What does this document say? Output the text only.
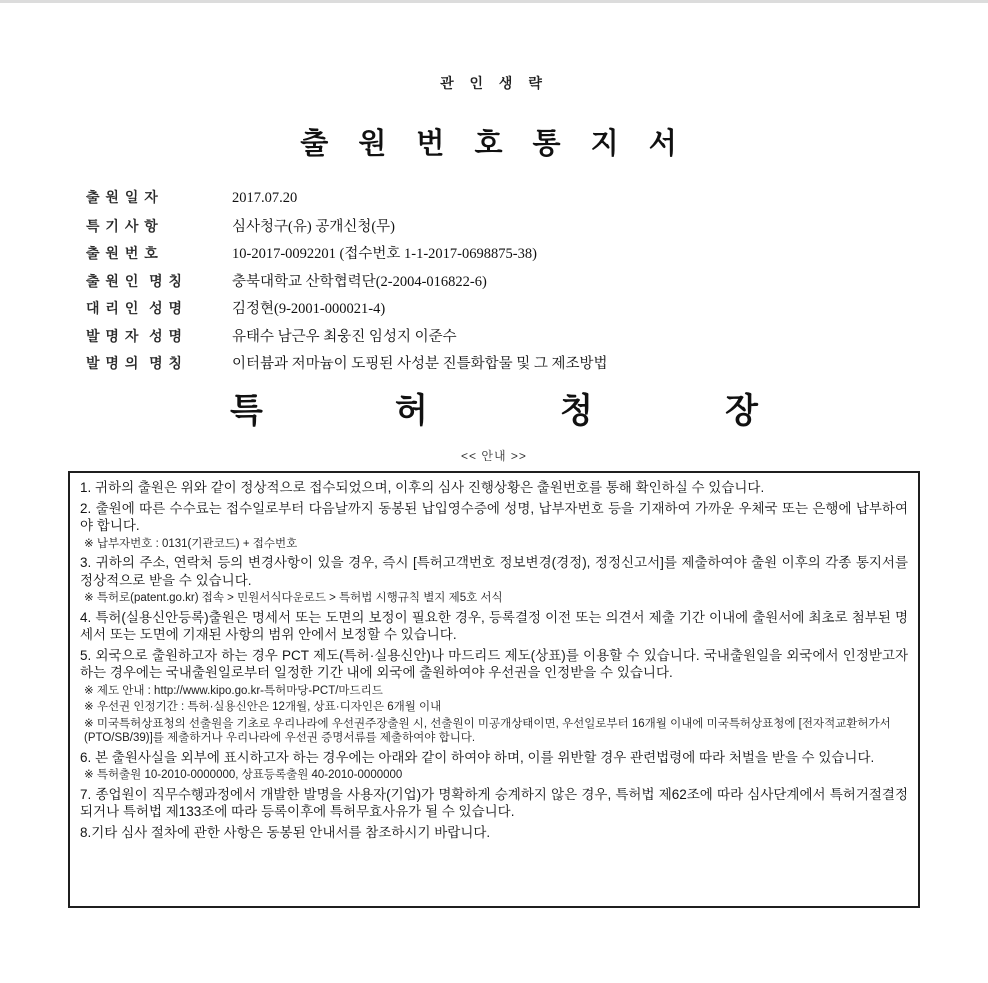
관 인 생 략
출 원 번 호 통 지 서
출 원 일 자	2017.07.20
특 기 사 항	심사청구(유) 공개신청(무)
출 원 번 호	10-2017-0092201 (접수번호 1-1-2017-0698875-38)
출 원 인  명 칭	충북대학교 산학협력단(2-2004-016822-6)
대 리 인  성 명	김정현(9-2001-000021-4)
발 명 자  성 명	유태수 남근우 최웅진 임성지 이준수
발 명 의  명 칭	이터븀과 저마늄이 도핑된 사성분 진틀화합물 및 그 제조방법
특	허	청	장
<< 안내 >>

1. 귀하의 출원은 위와 같이 정상적으로 접수되었으며, 이후의 심사 진행상황은 출원번호를 통해 확인하실 수 있습니다.

2. 출원에 따른 수수료는 접수일로부터 다음날까지 동봉된 납입영수증에 성명, 납부자번호 등을 기재하여 가까운 우체국 또는 은행에 납부하여야 합니다.

※ 납부자번호 : 0131(기관코드) + 접수번호

3. 귀하의 주소, 연락처 등의 변경사항이 있을 경우, 즉시 [특허고객번호 정보변경(경정), 정정신고서]를 제출하여야 출원 이후의 각종 통지서를 정상적으로 받을 수 있습니다.

※ 특허로(patent.go.kr) 접속 > 민원서식다운로드 > 특허법 시행규칙 별지 제5호 서식

4. 특허(실용신안등록)출원은 명세서 또는 도면의 보정이 필요한 경우, 등록결정 이전 또는 의견서 제출 기간 이내에 출원서에 최초로 첨부된 명세서 또는 도면에 기재된 사항의 범위 안에서 보정할 수 있습니다.

5. 외국으로 출원하고자 하는 경우 PCT 제도(특허·실용신안)나 마드리드 제도(상표)를 이용할 수 있습니다. 국내출원일을 외국에서 인정받고자 하는 경우에는 국내출원일로부터 일정한 기간 내에 외국에 출원하여야 우선권을 인정받을 수 있습니다.

※ 제도 안내 : http://www.kipo.go.kr-특허마당-PCT/마드리드

※ 우선권 인정기간 : 특허·실용신안은 12개월, 상표·디자인은 6개월 이내

※ 미국특허상표청의 선출원을 기초로 우리나라에 우선권주장출원 시, 선출원이 미공개상태이면, 우선일로부터 16개월 이내에 미국특허상표청에 [전자적교환허가서(PTO/SB/39)]를 제출하거나 우리나라에 우선권 증명서류를 제출하여야 합니다.

6. 본 출원사실을 외부에 표시하고자 하는 경우에는 아래와 같이 하여야 하며, 이를 위반할 경우 관련법령에 따라 처벌을 받을 수 있습니다.

※ 특허출원 10-2010-0000000, 상표등록출원 40-2010-0000000

7. 종업원이 직무수행과정에서 개발한 발명을 사용자(기업)가 명확하게 승계하지 않은 경우, 특허법 제62조에 따라 심사단계에서 특허거절결정되거나 특허법 제133조에 따라 등록이후에 특허무효사유가 될 수 있습니다.

8.기타 심사 절차에 관한 사항은 동봉된 안내서를 참조하시기 바랍니다.
